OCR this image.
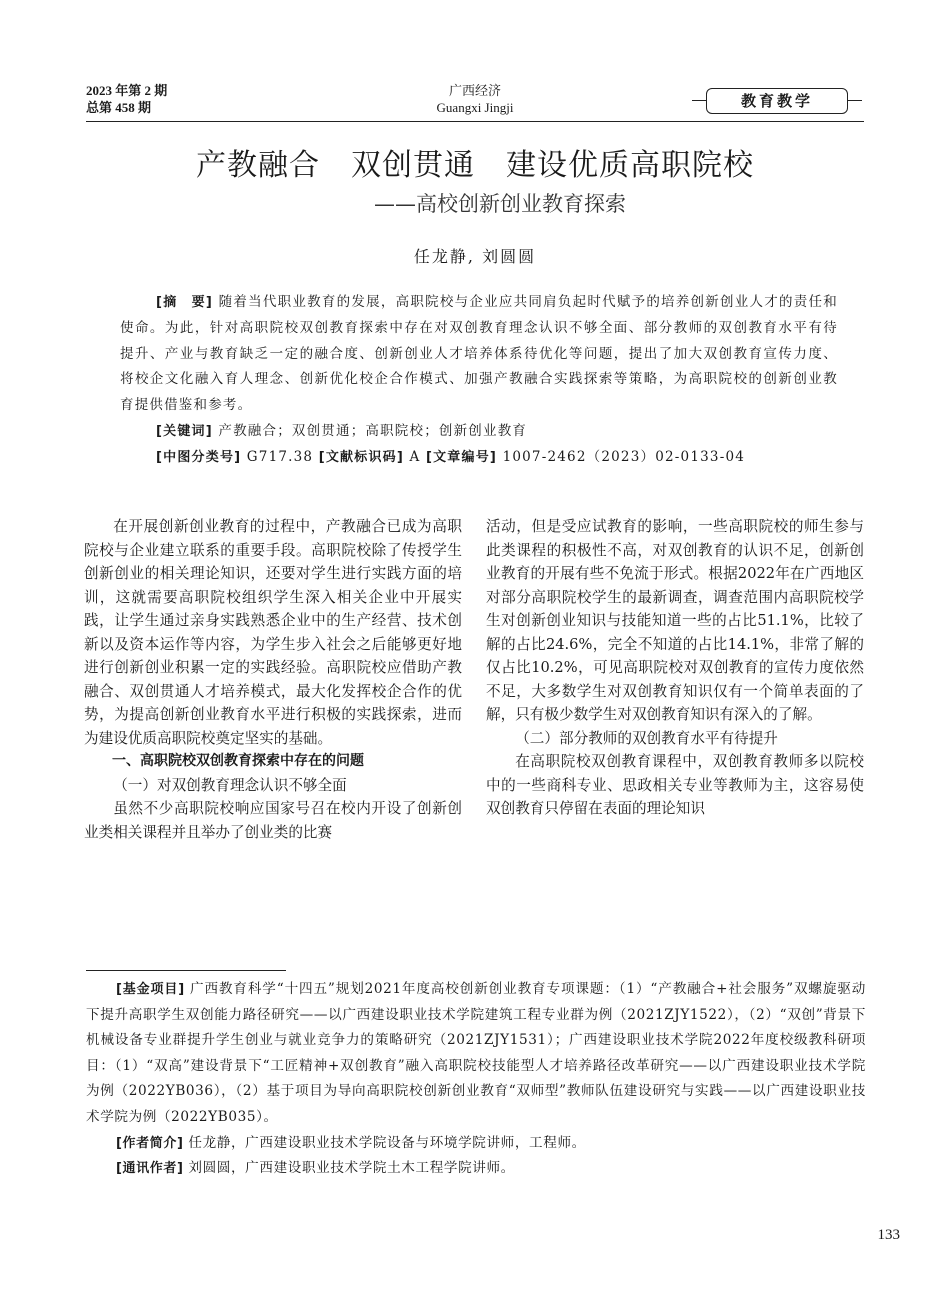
2023 年第 2 期
总第 458 期
广西经济
Guangxi Jingji	教育教学
产教融合　双创贯通　建设优质高职院校
——高校创新创业教育探索
任龙静, 刘圆圆

[摘　要] 随着当代职业教育的发展，高职院校与企业应共同肩负起时代赋予的培养创新创业人才的责任和使命。为此，针对高职院校双创教育探索中存在对双创教育理念认识不够全面、部分教师的双创教育水平有待提升、产业与教育缺乏一定的融合度、创新创业人才培养体系待优化等问题，提出了加大双创教育宣传力度、将校企文化融入育人理念、创新优化校企合作模式、加强产教融合实践探索等策略，为高职院校的创新创业教育提供借鉴和参考。

[关键词] 产教融合；双创贯通；高职院校；创新创业教育

[中图分类号] G717.38 [文献标识码] A [文章编号] 1007-2462（2023）02-0133-04

在开展创新创业教育的过程中，产教融合已成为高职院校与企业建立联系的重要手段。高职院校除了传授学生创新创业的相关理论知识，还要对学生进行实践方面的培训，这就需要高职院校组织学生深入相关企业中开展实践，让学生通过亲身实践熟悉企业中的生产经营、技术创新以及资本运作等内容，为学生步入社会之后能够更好地进行创新创业积累一定的实践经验。高职院校应借助产教融合、双创贯通人才培养模式，最大化发挥校企合作的优势，为提高创新创业教育水平进行积极的实践探索，进而为建设优质高职院校奠定坚实的基础。

一、高职院校双创教育探索中存在的问题

（一）对双创教育理念认识不够全面

虽然不少高职院校响应国家号召在校内开设了创新创业类相关课程并且举办了创业类的比赛

活动，但是受应试教育的影响，一些高职院校的师生参与此类课程的积极性不高，对双创教育的认识不足，创新创业教育的开展有些不免流于形式。根据2022年在广西地区对部分高职院校学生的最新调查，调查范围内高职院校学生对创新创业知识与技能知道一些的占比51.1%，比较了解的占比24.6%，完全不知道的占比14.1%，非常了解的仅占比10.2%，可见高职院校对双创教育的宣传力度依然不足，大多数学生对双创教育知识仅有一个简单表面的了解，只有极少数学生对双创教育知识有深入的了解。

（二）部分教师的双创教育水平有待提升

在高职院校双创教育课程中，双创教育教师多以院校中的一些商科专业、思政相关专业等教师为主，这容易使双创教育只停留在表面的理论知识

[基金项目] 广西教育科学“十四五”规划2021年度高校创新创业教育专项课题：（1）“产教融合+社会服务”双螺旋驱动下提升高职学生双创能力路径研究——以广西建设职业技术学院建筑工程专业群为例（2021ZJY1522），（2）“双创”背景下机械设备专业群提升学生创业与就业竞争力的策略研究（2021ZJY1531）；广西建设职业技术学院2022年度校级教科研项目：（1）“双高”建设背景下“工匠精神+双创教育”融入高职院校技能型人才培养路径改革研究——以广西建设职业技术学院为例（2022YB036），（2）基于项目为导向高职院校创新创业教育“双师型”教师队伍建设研究与实践——以广西建设职业技术学院为例（2022YB035）。

[作者简介] 任龙静，广西建设职业技术学院设备与环境学院讲师，工程师。

[通讯作者] 刘圆圆，广西建设职业技术学院土木工程学院讲师。

133
